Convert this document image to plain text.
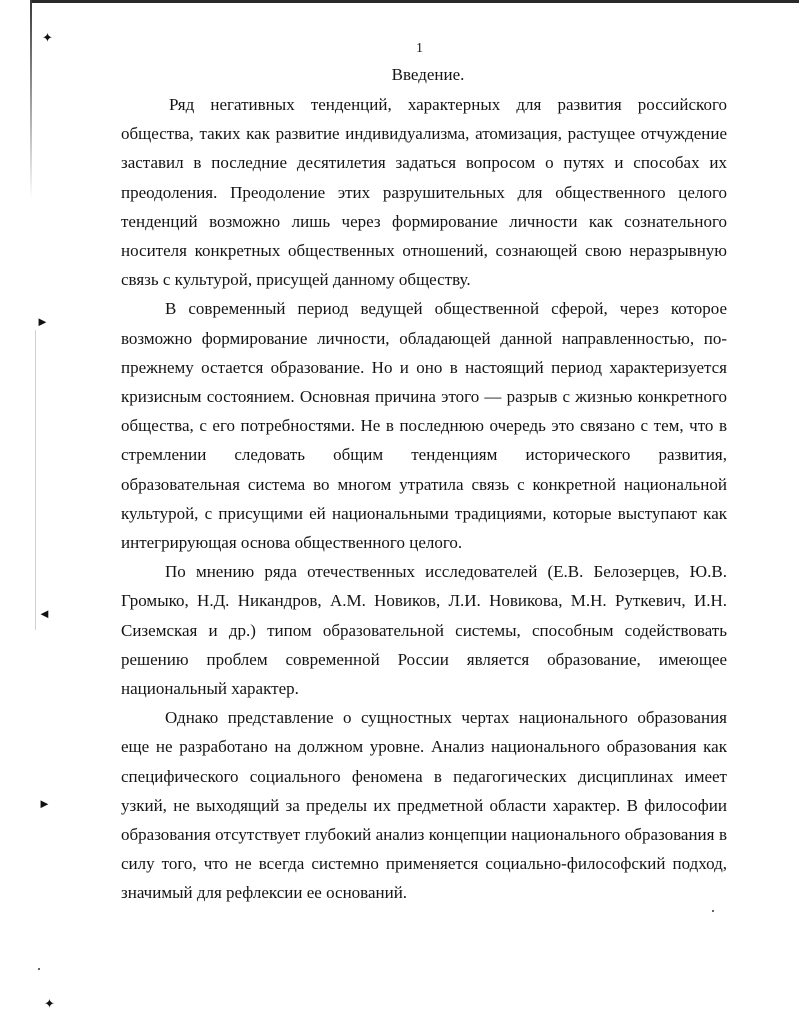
✦
►
◄
►
✦
1
Введение.

Ряд негативных тенденций, характерных для развития российского общества, таких как развитие индивидуализма, атомизация, растущее отчуждение заставил в последние десятилетия задаться вопросом о путях и способах их преодоления. Преодоление этих разрушительных для общественного целого тенденций возможно лишь через формирование личности как сознательного носителя конкретных общественных отношений, сознающей свою неразрывную связь с культурой, присущей данному обществу.

В современный период ведущей общественной сферой, через которое возможно формирование личности, обладающей данной направленностью, по-прежнему остается образование. Но и оно в настоящий период характеризуется кризисным состоянием. Основная причина этого — разрыв с жизнью конкретного общества, с его потребностями. Не в последнюю очередь это связано с тем, что в стремлении следовать общим тенденциям исторического развития, образовательная система во многом утратила связь с конкретной национальной культурой, с присущими ей национальными традициями, которые выступают как интегрирующая основа общественного целого.

По мнению ряда отечественных исследователей (Е.В. Белозерцев, Ю.В. Громыко, Н.Д. Никандров, А.М. Новиков, Л.И. Новикова, М.Н. Руткевич, И.Н. Сиземская и др.) типом образовательной системы, способным содействовать решению проблем современной России является образование, имеющее национальный характер.

Однако представление о сущностных чертах национального образования еще не разработано на должном уровне. Анализ национального образования как специфического социального феномена в педагогических дисциплинах имеет узкий, не выходящий за пределы их предметной области характер. В философии образования отсутствует глубокий анализ концепции национального образования в силу того, что не всегда системно применяется социально-философский подход, значимый для рефлексии ее оснований.
